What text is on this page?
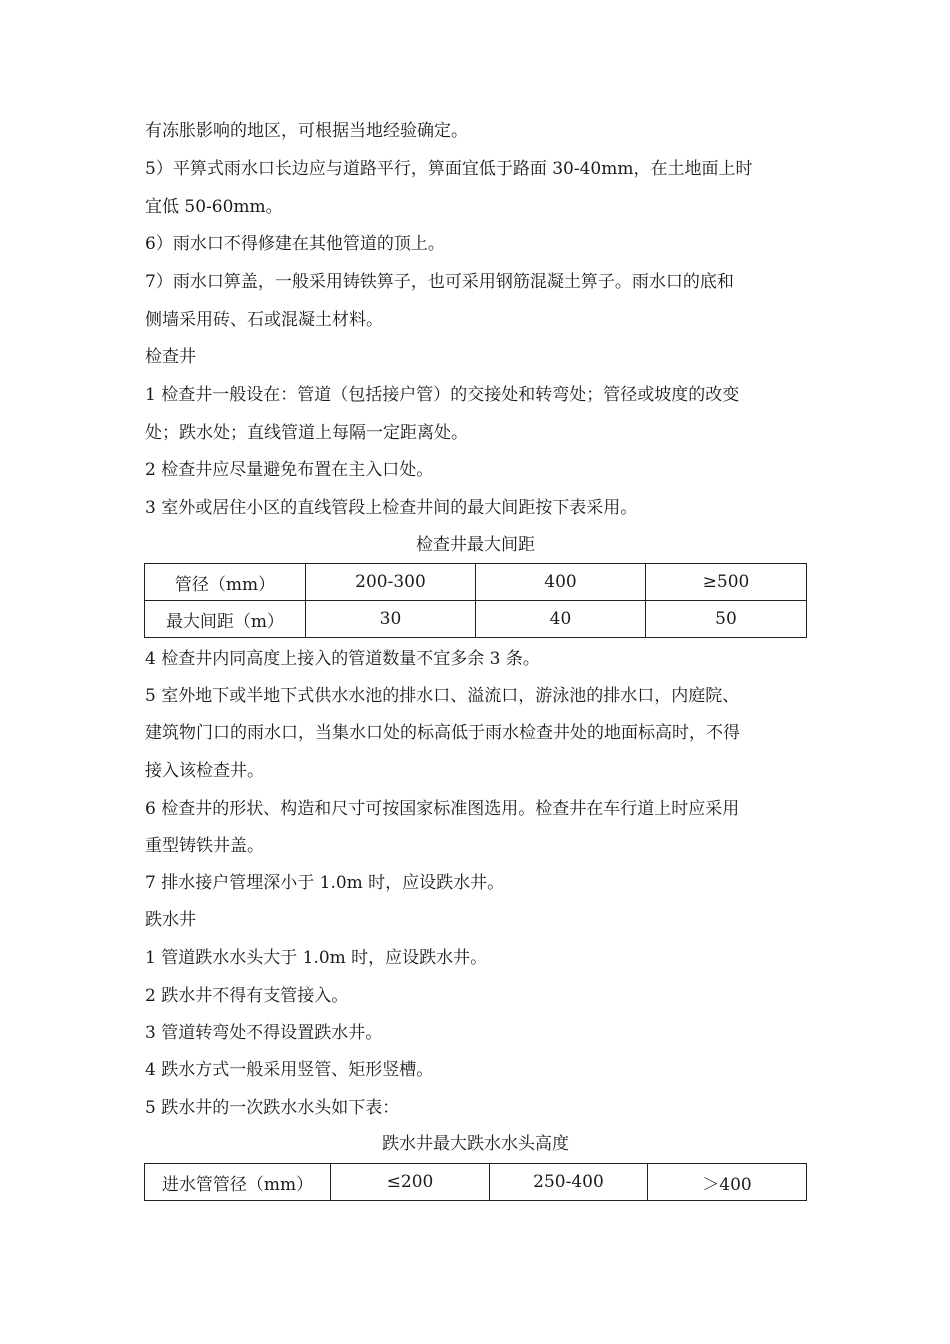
有冻胀影响的地区，可根据当地经验确定。
5）平箅式雨水口长边应与道路平行，箅面宜低于路面 30-40mm，在土地面上时
宜低 50-60mm。
6）雨水口不得修建在其他管道的顶上。
7）雨水口箅盖，一般采用铸铁箅子，也可采用钢筋混凝土箅子。雨水口的底和
侧墙采用砖、石或混凝土材料。
检查井
1 检查井一般设在：管道（包括接户管）的交接处和转弯处；管径或坡度的改变
处；跌水处；直线管道上每隔一定距离处。
2 检查井应尽量避免布置在主入口处。
3 室外或居住小区的直线管段上检查井间的最大间距按下表采用。
检查井最大间距
管径（mm）	200-300	400	≥500
最大间距（m）	30	40	50
4 检查井内同高度上接入的管道数量不宜多余 3 条。
5 室外地下或半地下式供水水池的排水口、溢流口，游泳池的排水口，内庭院、
建筑物门口的雨水口，当集水口处的标高低于雨水检查井处的地面标高时，不得
接入该检查井。
6 检查井的形状、构造和尺寸可按国家标准图选用。检查井在车行道上时应采用
重型铸铁井盖。
7 排水接户管埋深小于 1.0m 时，应设跌水井。
跌水井
1 管道跌水水头大于 1.0m 时，应设跌水井。
2 跌水井不得有支管接入。
3 管道转弯处不得设置跌水井。
4 跌水方式一般采用竖管、矩形竖槽。
5 跌水井的一次跌水水头如下表：
跌水井最大跌水水头高度
进水管管径（mm）	≤200	250-400	＞400
